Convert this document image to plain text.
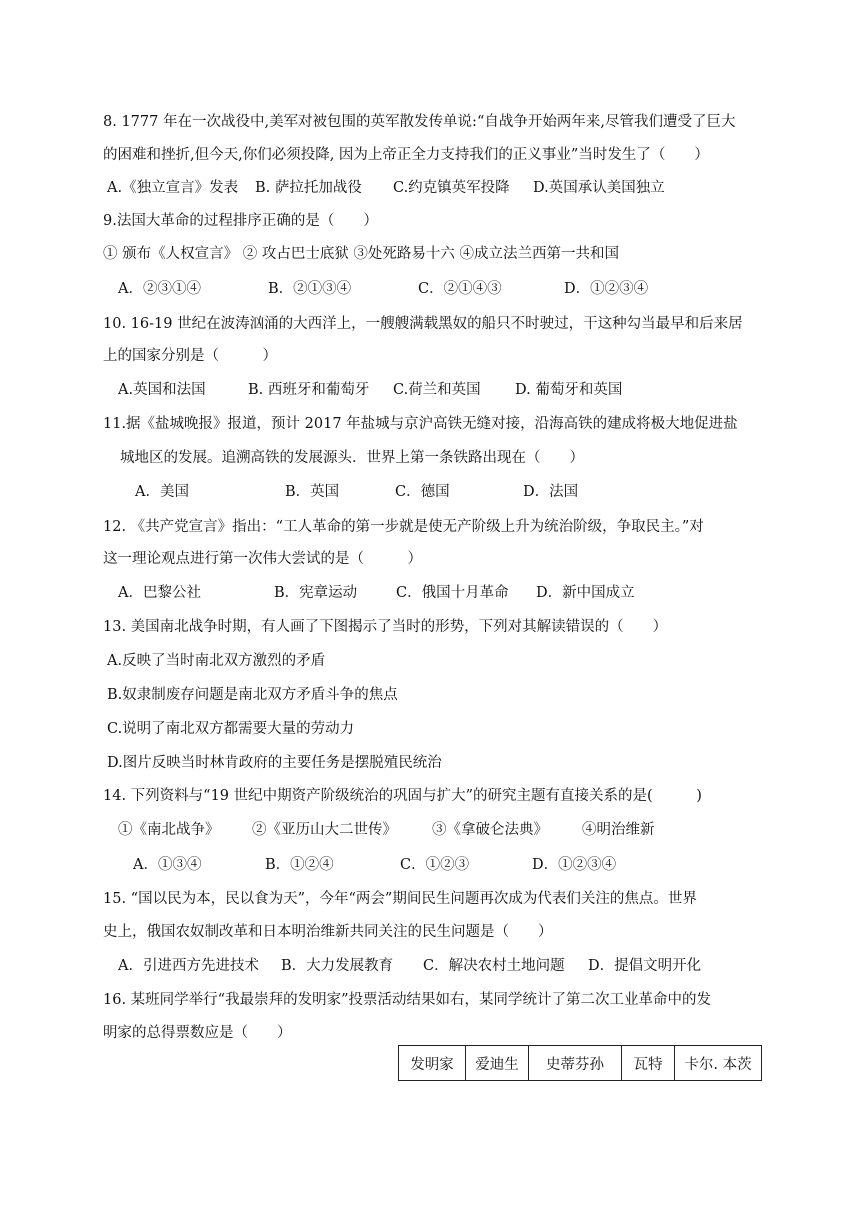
8. 1777 年在一次战役中,美军对被包围的英军散发传单说:“自战争开始两年来,尽管我们遭受了巨大
的困难和挫折,但今天,你们必须投降, 因为上帝正全力支持我们的正义事业”当时发生了（　　）
A.《独立宣言》发表 B. 萨拉托加战役 C.约克镇英军投降 D.英国承认美国独立
9.法国大革命的过程排序正确的是（　　）
① 颁布《人权宣言》 ② 攻占巴士底狱 ③处死路易十六 ④成立法兰西第一共和国
A．②③①④	B．②①③④	C．②①④③	D．①②③④
10. 16-19 世纪在波涛汹涌的大西洋上，一艘艘满载黑奴的船只不时驶过，干这种勾当最早和后来居
上的国家分别是（　　　）
A.英国和法国	B. 西班牙和葡萄牙 C.荷兰和英国 D. 葡萄牙和英国
11.据《盐城晚报》报道，预计 2017 年盐城与京沪高铁无缝对接，沿海高铁的建成将极大地促进盐
城地区的发展。追溯高铁的发展源头．世界上第一条铁路出现在（　　）
A．美国	B．英国	C．德国	D．法国
12. 《共产党宣言》指出：“工人革命的第一步就是使无产阶级上升为统治阶级，争取民主。”对
这一理论观点进行第一次伟大尝试的是（　　　）
A．巴黎公社	B．宪章运动	C．俄国十月革命 D．新中国成立
13. 美国南北战争时期，有人画了下图揭示了当时的形势，下列对其解读错误的（　　）
A.反映了当时南北双方激烈的矛盾
B.奴隶制废存问题是南北双方矛盾斗争的焦点
C.说明了南北双方都需要大量的劳动力
D.图片反映当时林肯政府的主要任务是摆脱殖民统治
14. 下列资料与“19 世纪中期资产阶级统治的巩固与扩大”的研究主题有直接关系的是(　　　)
①《南北战争》 ②《亚历山大二世传》 ③《拿破仑法典》 ④明治维新
A．①③④	B．①②④	C．①②③	D．①②③④
15. “国以民为本，民以食为天”，今年“两会”期间民生问题再次成为代表们关注的焦点。世界
史上，俄国农奴制改革和日本明治维新共同关注的民生问题是（　　）
A．引进西方先进技术 B．大力发展教育 C．解决农村土地问题 D．提倡文明开化
16. 某班同学举行“我最崇拜的发明家”投票活动结果如右，某同学统计了第二次工业革命中的发
明家的总得票数应是（　　）
发明家	爱迪生	史蒂芬孙	瓦特	卡尔. 本茨
